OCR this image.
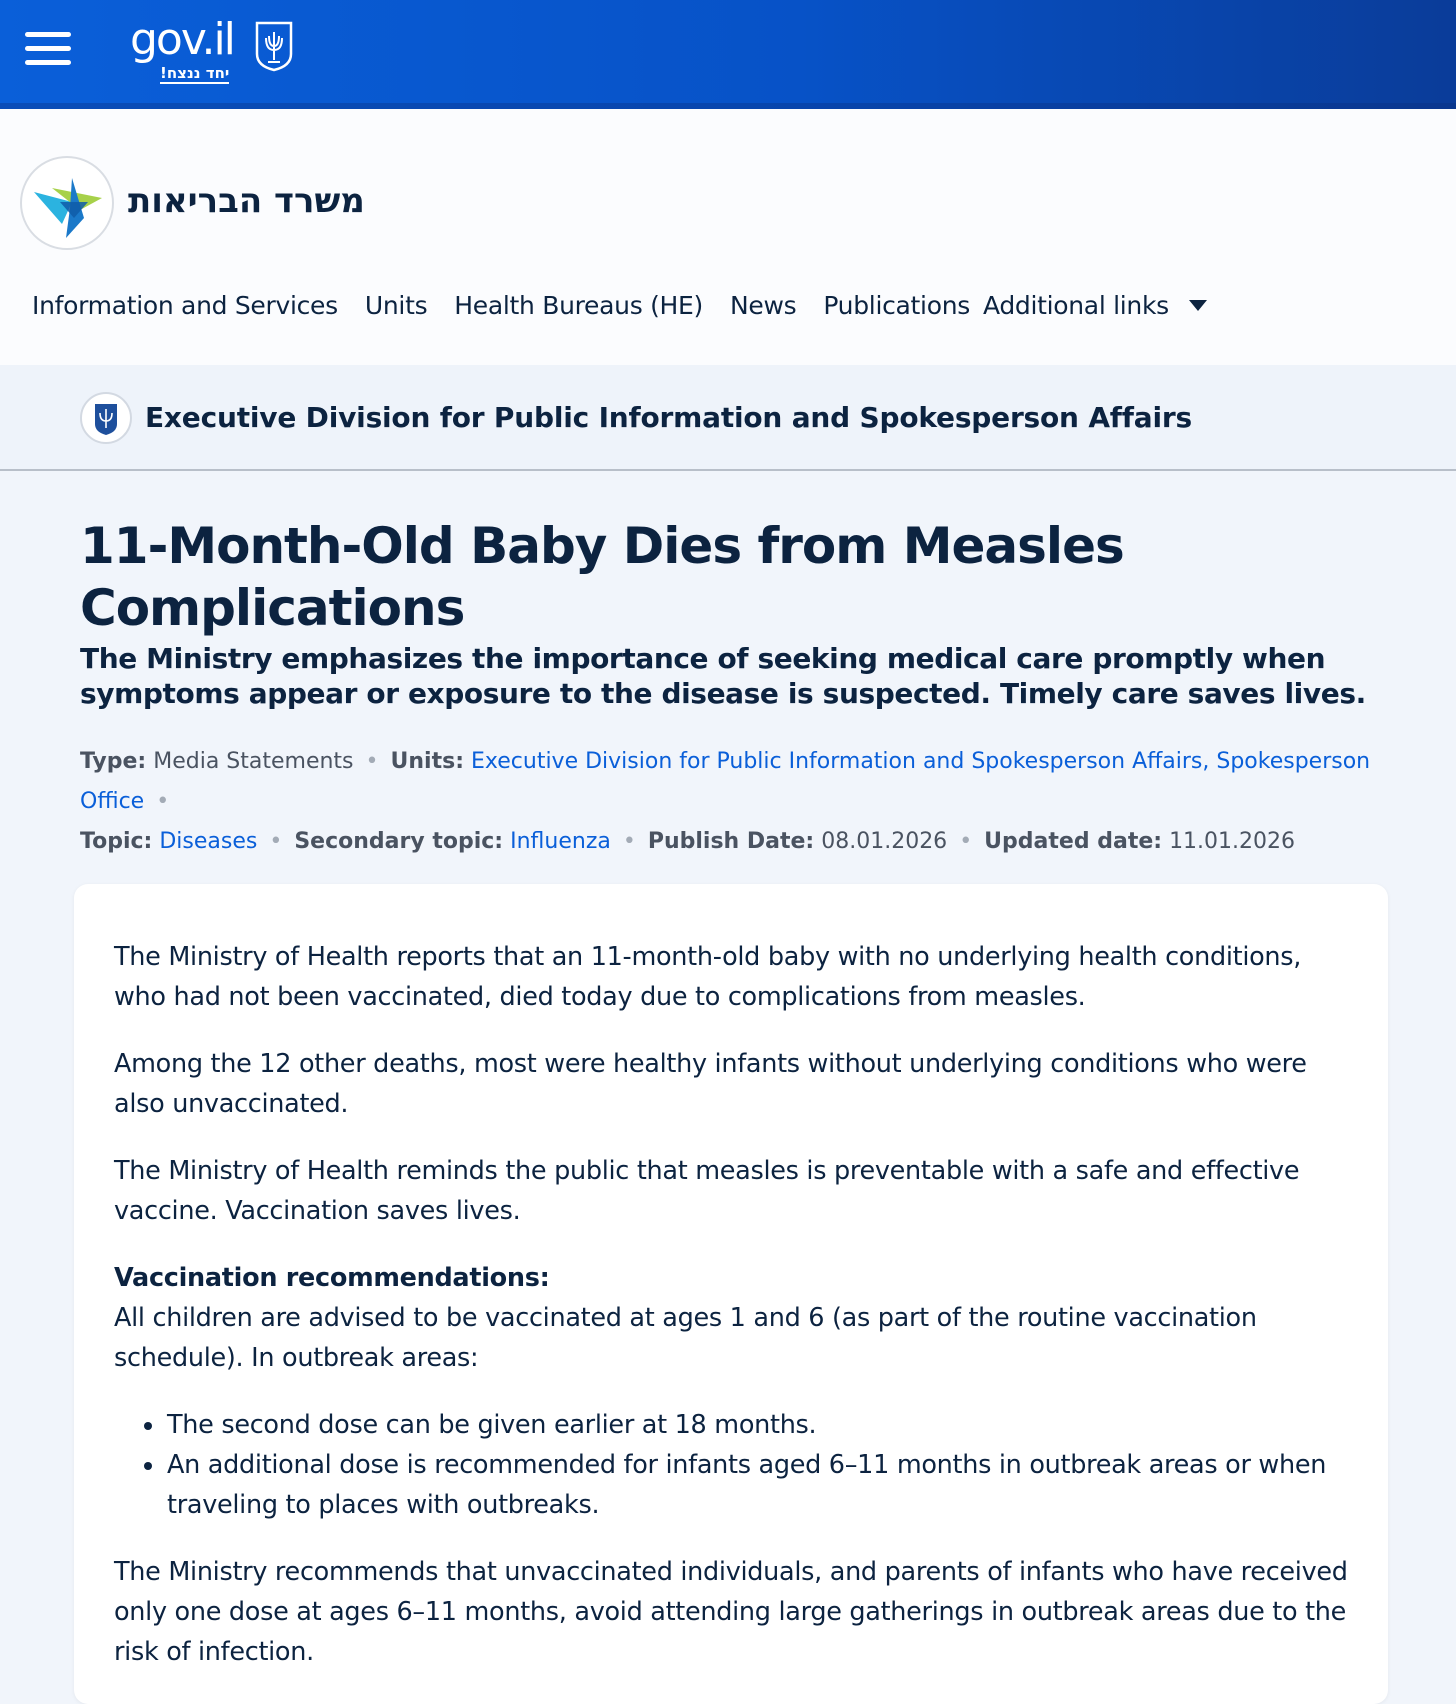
gov.il
יחד ננצח!
משרד הבריאות
Information and Services Units Health Bureaus (HE) News Publications Additional links
Executive Division for Public Information and Spokesperson Affairs
11-Month-Old Baby Dies from Measles Complications
The Ministry emphasizes the importance of seeking medical care promptly when symptoms appear or exposure to the disease is suspected. Timely care saves lives.
Type: Media Statements • Units: Executive Division for Public Information and Spokesperson Affairs, Spokesperson Office •
Topic: Diseases • Secondary topic: Influenza • Publish Date: 08.01.2026 • Updated date: 11.01.2026

The Ministry of Health reports that an 11-month-old baby with no underlying health conditions, who had not been vaccinated, died today due to complications from measles.

Among the 12 other deaths, most were healthy infants without underlying conditions who were also unvaccinated.

The Ministry of Health reminds the public that measles is preventable with a safe and effective vaccine. Vaccination saves lives.

Vaccination recommendations:

All children are advised to be vaccinated at ages 1 and 6 (as part of the routine vaccination schedule). In outbreak areas:
The second dose can be given earlier at 18 months.
An additional dose is recommended for infants aged 6–11 months in outbreak areas or when traveling to places with outbreaks.

The Ministry recommends that unvaccinated individuals, and parents of infants who have received only one dose at ages 6–11 months, avoid attending large gatherings in outbreak areas due to the risk of infection.
